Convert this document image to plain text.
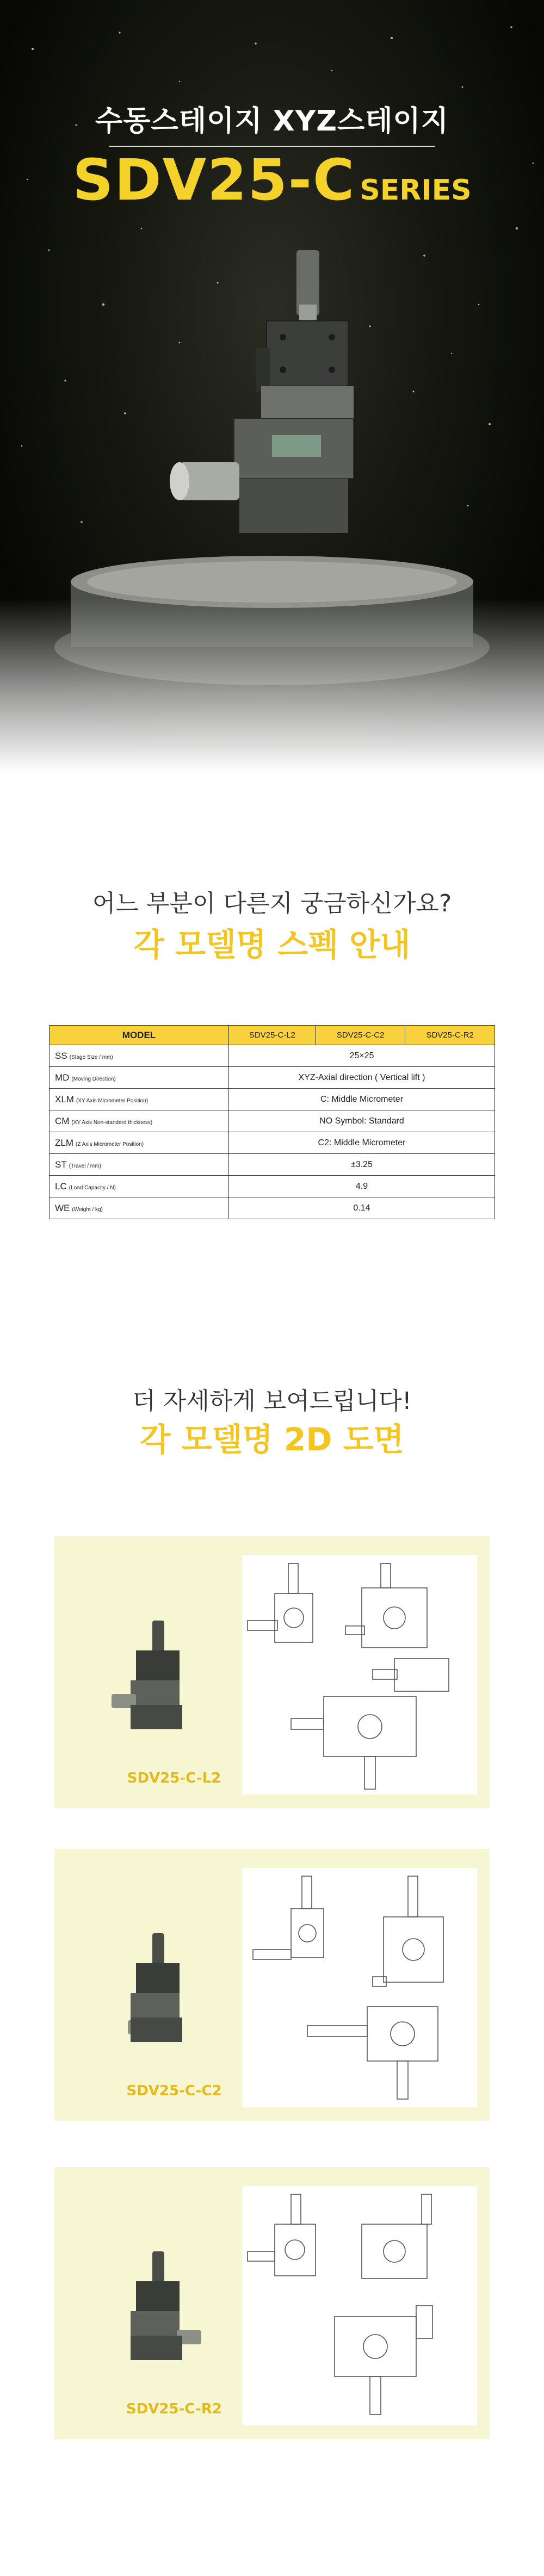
수동스테이지 XYZ스테이지
SDV25-C SERIES
어느 부분이 다른지 궁금하신가요?
각 모델명 스펙 안내
MODEL	SDV25-C-L2	SDV25-C-C2	SDV25-C-R2
SS (Stage Size / mm)	25×25		
MD (Moving Direction)	XYZ-Axial direction ( Vertical lift )		
XLM (XY Axis Micrometer Position)	C: Middle Micrometer		
CM (XY Axis Non-standard thickness)	NO Symbol: Standard		
ZLM (Z Axis Micrometer Position)	C2: Middle Micrometer		
ST (Travel / mm)	±3.25		
LC (Load Capacity / N)	4.9		
WE (Weight / kg)	0.14		
더 자세하게 보여드립니다!
각 모델명 2D 도면
SDV25-C-L2
SDV25-C-C2
SDV25-C-R2
